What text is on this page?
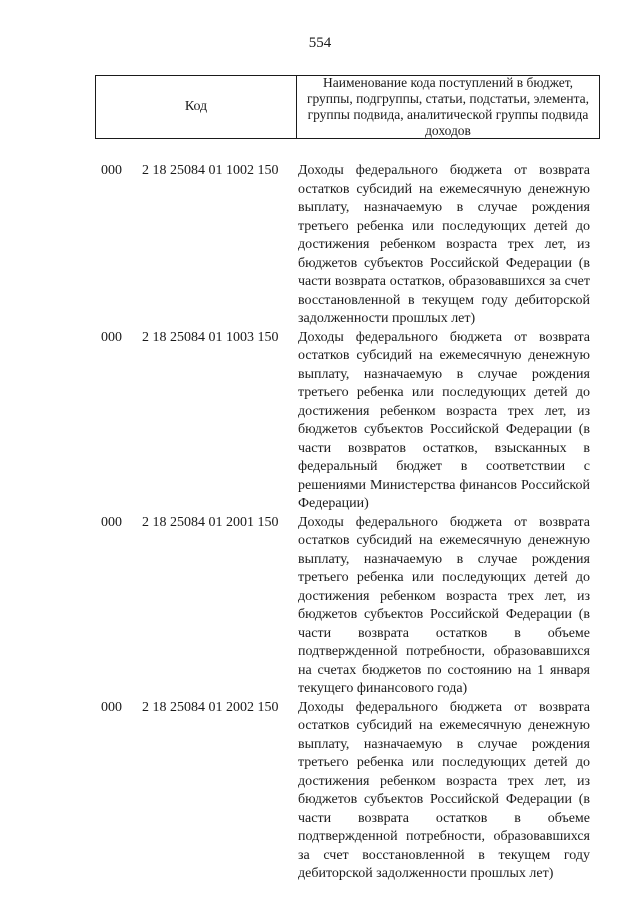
554
Код
Наименование кода поступлений в бюджет, группы, подгруппы, статьи, подстатьи, элемента, группы подвида, аналитической группы подвида доходов
000 2 18 25084 01 1002 150 Доходы федерального бюджета от возврата остатков субсидий на ежемесячную денежную выплату, назначаемую в случае рождения третьего ребенка или последующих детей до достижения ребенком возраста трех лет, из бюджетов субъектов Российской Федерации (в части возврата остатков, образовавшихся за счет восстановленной в текущем году дебиторской задолженности прошлых лет)
000 2 18 25084 01 1003 150 Доходы федерального бюджета от возврата остатков субсидий на ежемесячную денежную выплату, назначаемую в случае рождения третьего ребенка или последующих детей до достижения ребенком возраста трех лет, из бюджетов субъектов Российской Федерации (в части возвратов остатков, взысканных в федеральный бюджет в соответствии с решениями Министерства финансов Российской Федерации)
000 2 18 25084 01 2001 150 Доходы федерального бюджета от возврата остатков субсидий на ежемесячную денежную выплату, назначаемую в случае рождения третьего ребенка или последующих детей до достижения ребенком возраста трех лет, из бюджетов субъектов Российской Федерации (в части возврата остатков в объеме подтвержденной потребности, образовавшихся на счетах бюджетов по состоянию на 1 января текущего финансового года)
000 2 18 25084 01 2002 150 Доходы федерального бюджета от возврата остатков субсидий на ежемесячную денежную выплату, назначаемую в случае рождения третьего ребенка или последующих детей до достижения ребенком возраста трех лет, из бюджетов субъектов Российской Федерации (в части возврата остатков в объеме подтвержденной потребности, образовавшихся за счет восстановленной в текущем году дебиторской задолженности прошлых лет)
